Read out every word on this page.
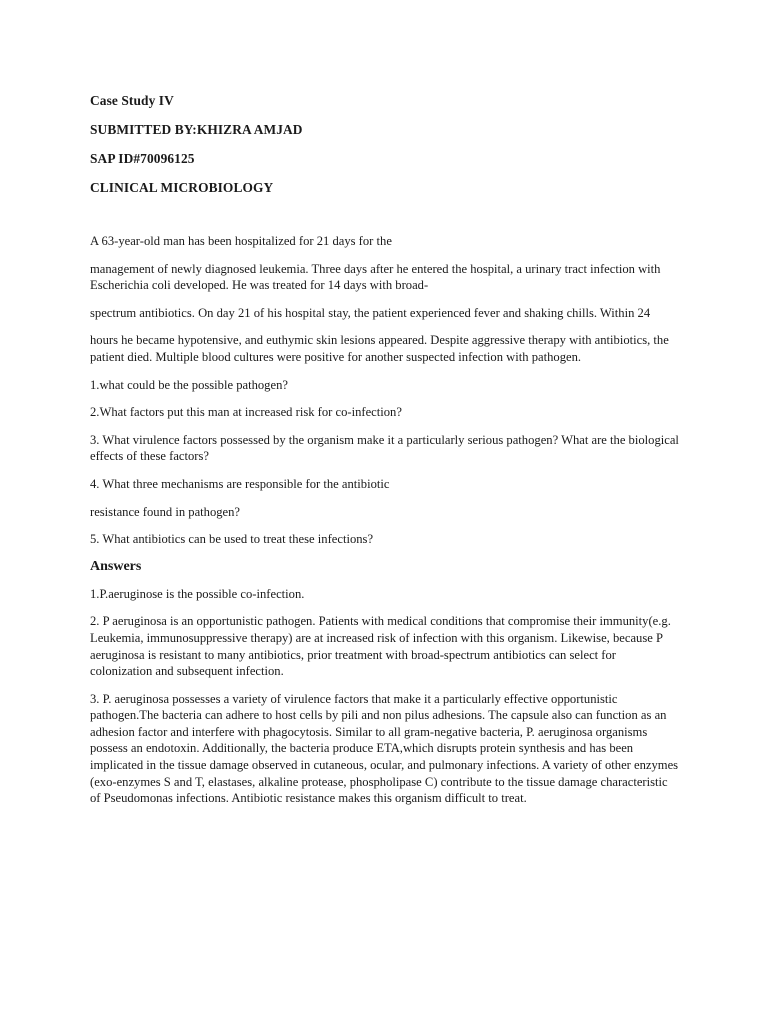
Case Study IV

SUBMITTED BY:KHIZRA AMJAD

SAP ID#70096125

CLINICAL MICROBIOLOGY

A 63-year-old man has been hospitalized for 21 days for the

management of newly diagnosed leukemia. Three days after he entered the hospital, a urinary tract infection with Escherichia coli developed. He was treated for 14 days with broad-

spectrum antibiotics. On day 21 of his hospital stay, the patient experienced fever and shaking chills. Within 24

hours he became hypotensive, and euthymic skin lesions appeared. Despite aggressive therapy with antibiotics, the patient died. Multiple blood cultures were positive for another suspected infection with pathogen.

1.what could be the possible pathogen?

2.What factors put this man at increased risk for co-infection?

3. What virulence factors possessed by the organism make it a particularly serious pathogen? What are the biological effects of these factors?

4. What three mechanisms are responsible for the antibiotic

resistance found in pathogen?

5. What antibiotics can be used to treat these infections?

Answers

1.P.aeruginose is the possible co-infection.

2. P aeruginosa is an opportunistic pathogen. Patients with medical conditions that compromise their immunity(e.g. Leukemia, immunosuppressive therapy) are at increased risk of infection with this organism. Likewise, because P aeruginosa is resistant to many antibiotics, prior treatment with broad-spectrum antibiotics can select for colonization and subsequent infection.

3. P. aeruginosa possesses a variety of virulence factors that make it a particularly effective opportunistic pathogen.The bacteria can adhere to host cells by pili and non pilus adhesions. The capsule also can function as an adhesion factor and interfere with phagocytosis. Similar to all gram-negative bacteria, P. aeruginosa organisms possess an endotoxin. Additionally, the bacteria produce ETA,which disrupts protein synthesis and has been implicated in the tissue damage observed in cutaneous, ocular, and pulmonary infections. A variety of other enzymes (exo-enzymes S and T, elastases, alkaline protease, phospholipase C) contribute to the tissue damage characteristic of Pseudomonas infections. Antibiotic resistance makes this organism difficult to treat.
